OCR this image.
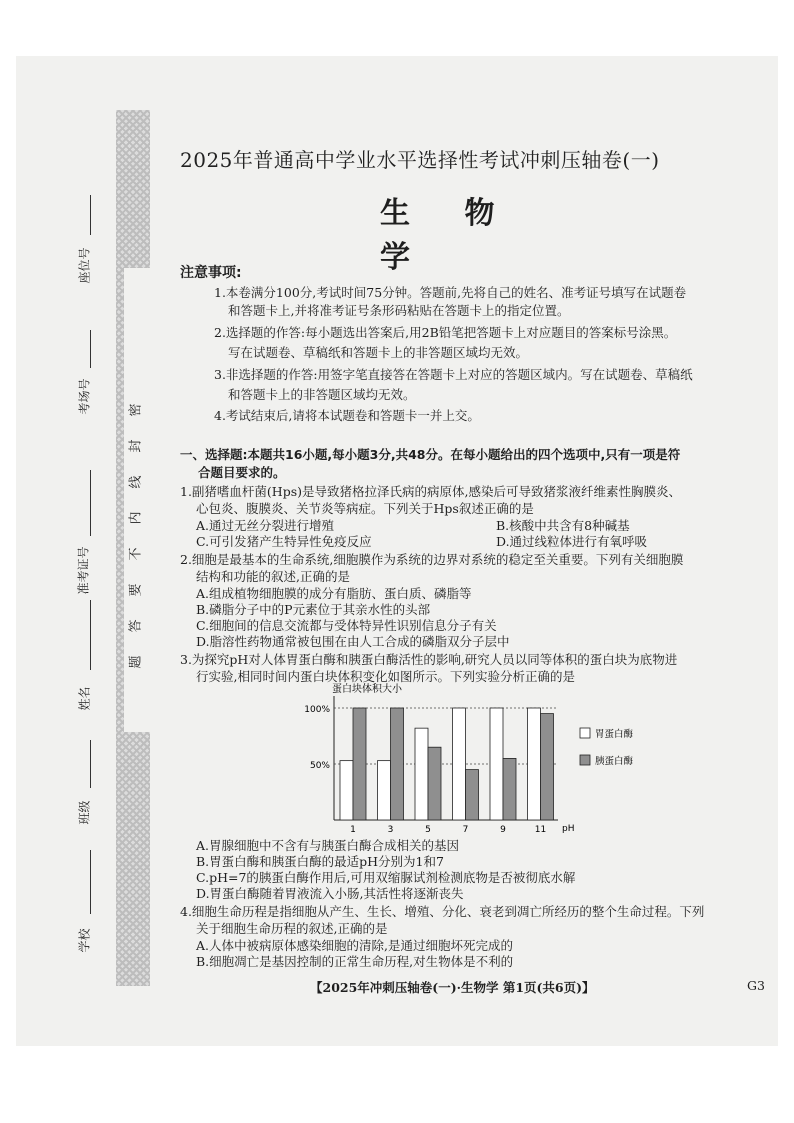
密
封
线
内
不
要
答
题
座位号
考场号
准考证号
姓名
班级
学校
2025年普通高中学业水平选择性考试冲刺压轴卷(一)
生 物 学
注意事项:
1.本卷满分100分,考试时间75分钟。答题前,先将自己的姓名、准考证号填写在试题卷
和答题卡上,并将准考证号条形码粘贴在答题卡上的指定位置。
2.选择题的作答:每小题选出答案后,用2B铅笔把答题卡上对应题目的答案标号涂黑。
写在试题卷、草稿纸和答题卡上的非答题区域均无效。
3.非选择题的作答:用签字笔直接答在答题卡上对应的答题区域内。写在试题卷、草稿纸
和答题卡上的非答题区域均无效。
4.考试结束后,请将本试题卷和答题卡一并上交。
一、选择题:本题共16小题,每小题3分,共48分。在每小题给出的四个选项中,只有一项是符
合题目要求的。
1.副猪嗜血杆菌(Hps)是导致猪格拉泽氏病的病原体,感染后可导致猪浆液纤维素性胸膜炎、
心包炎、腹膜炎、关节炎等病症。下列关于Hps叙述正确的是
A.通过无丝分裂进行增殖	B.核酸中共含有8种碱基
C.可引发猪产生特异性免疫反应	D.通过线粒体进行有氧呼吸
2.细胞是最基本的生命系统,细胞膜作为系统的边界对系统的稳定至关重要。下列有关细胞膜
结构和功能的叙述,正确的是
A.组成植物细胞膜的成分有脂肪、蛋白质、磷脂等
B.磷脂分子中的P元素位于其亲水性的头部
C.细胞间的信息交流都与受体特异性识别信息分子有关
D.脂溶性药物通常被包围在由人工合成的磷脂双分子层中
3.为探究pH对人体胃蛋白酶和胰蛋白酶活性的影响,研究人员以同等体积的蛋白块为底物进
行实验,相同时间内蛋白块体积变化如图所示。下列实验分析正确的是
蛋白块体积大小
100%
50%
pH
1	3	5	7	9	11
胃蛋白酶
胰蛋白酶
A.胃腺细胞中不含有与胰蛋白酶合成相关的基因
B.胃蛋白酶和胰蛋白酶的最适pH分别为1和7
C.pH=7的胰蛋白酶作用后,可用双缩脲试剂检测底物是否被彻底水解
D.胃蛋白酶随着胃液流入小肠,其活性将逐渐丧失
4.细胞生命历程是指细胞从产生、生长、增殖、分化、衰老到凋亡所经历的整个生命过程。下列
关于细胞生命历程的叙述,正确的是
A.人体中被病原体感染细胞的清除,是通过细胞坏死完成的
B.细胞凋亡是基因控制的正常生命历程,对生物体是不利的
【2025年冲刺压轴卷(一)·生物学 第1页(共6页)】	G3
